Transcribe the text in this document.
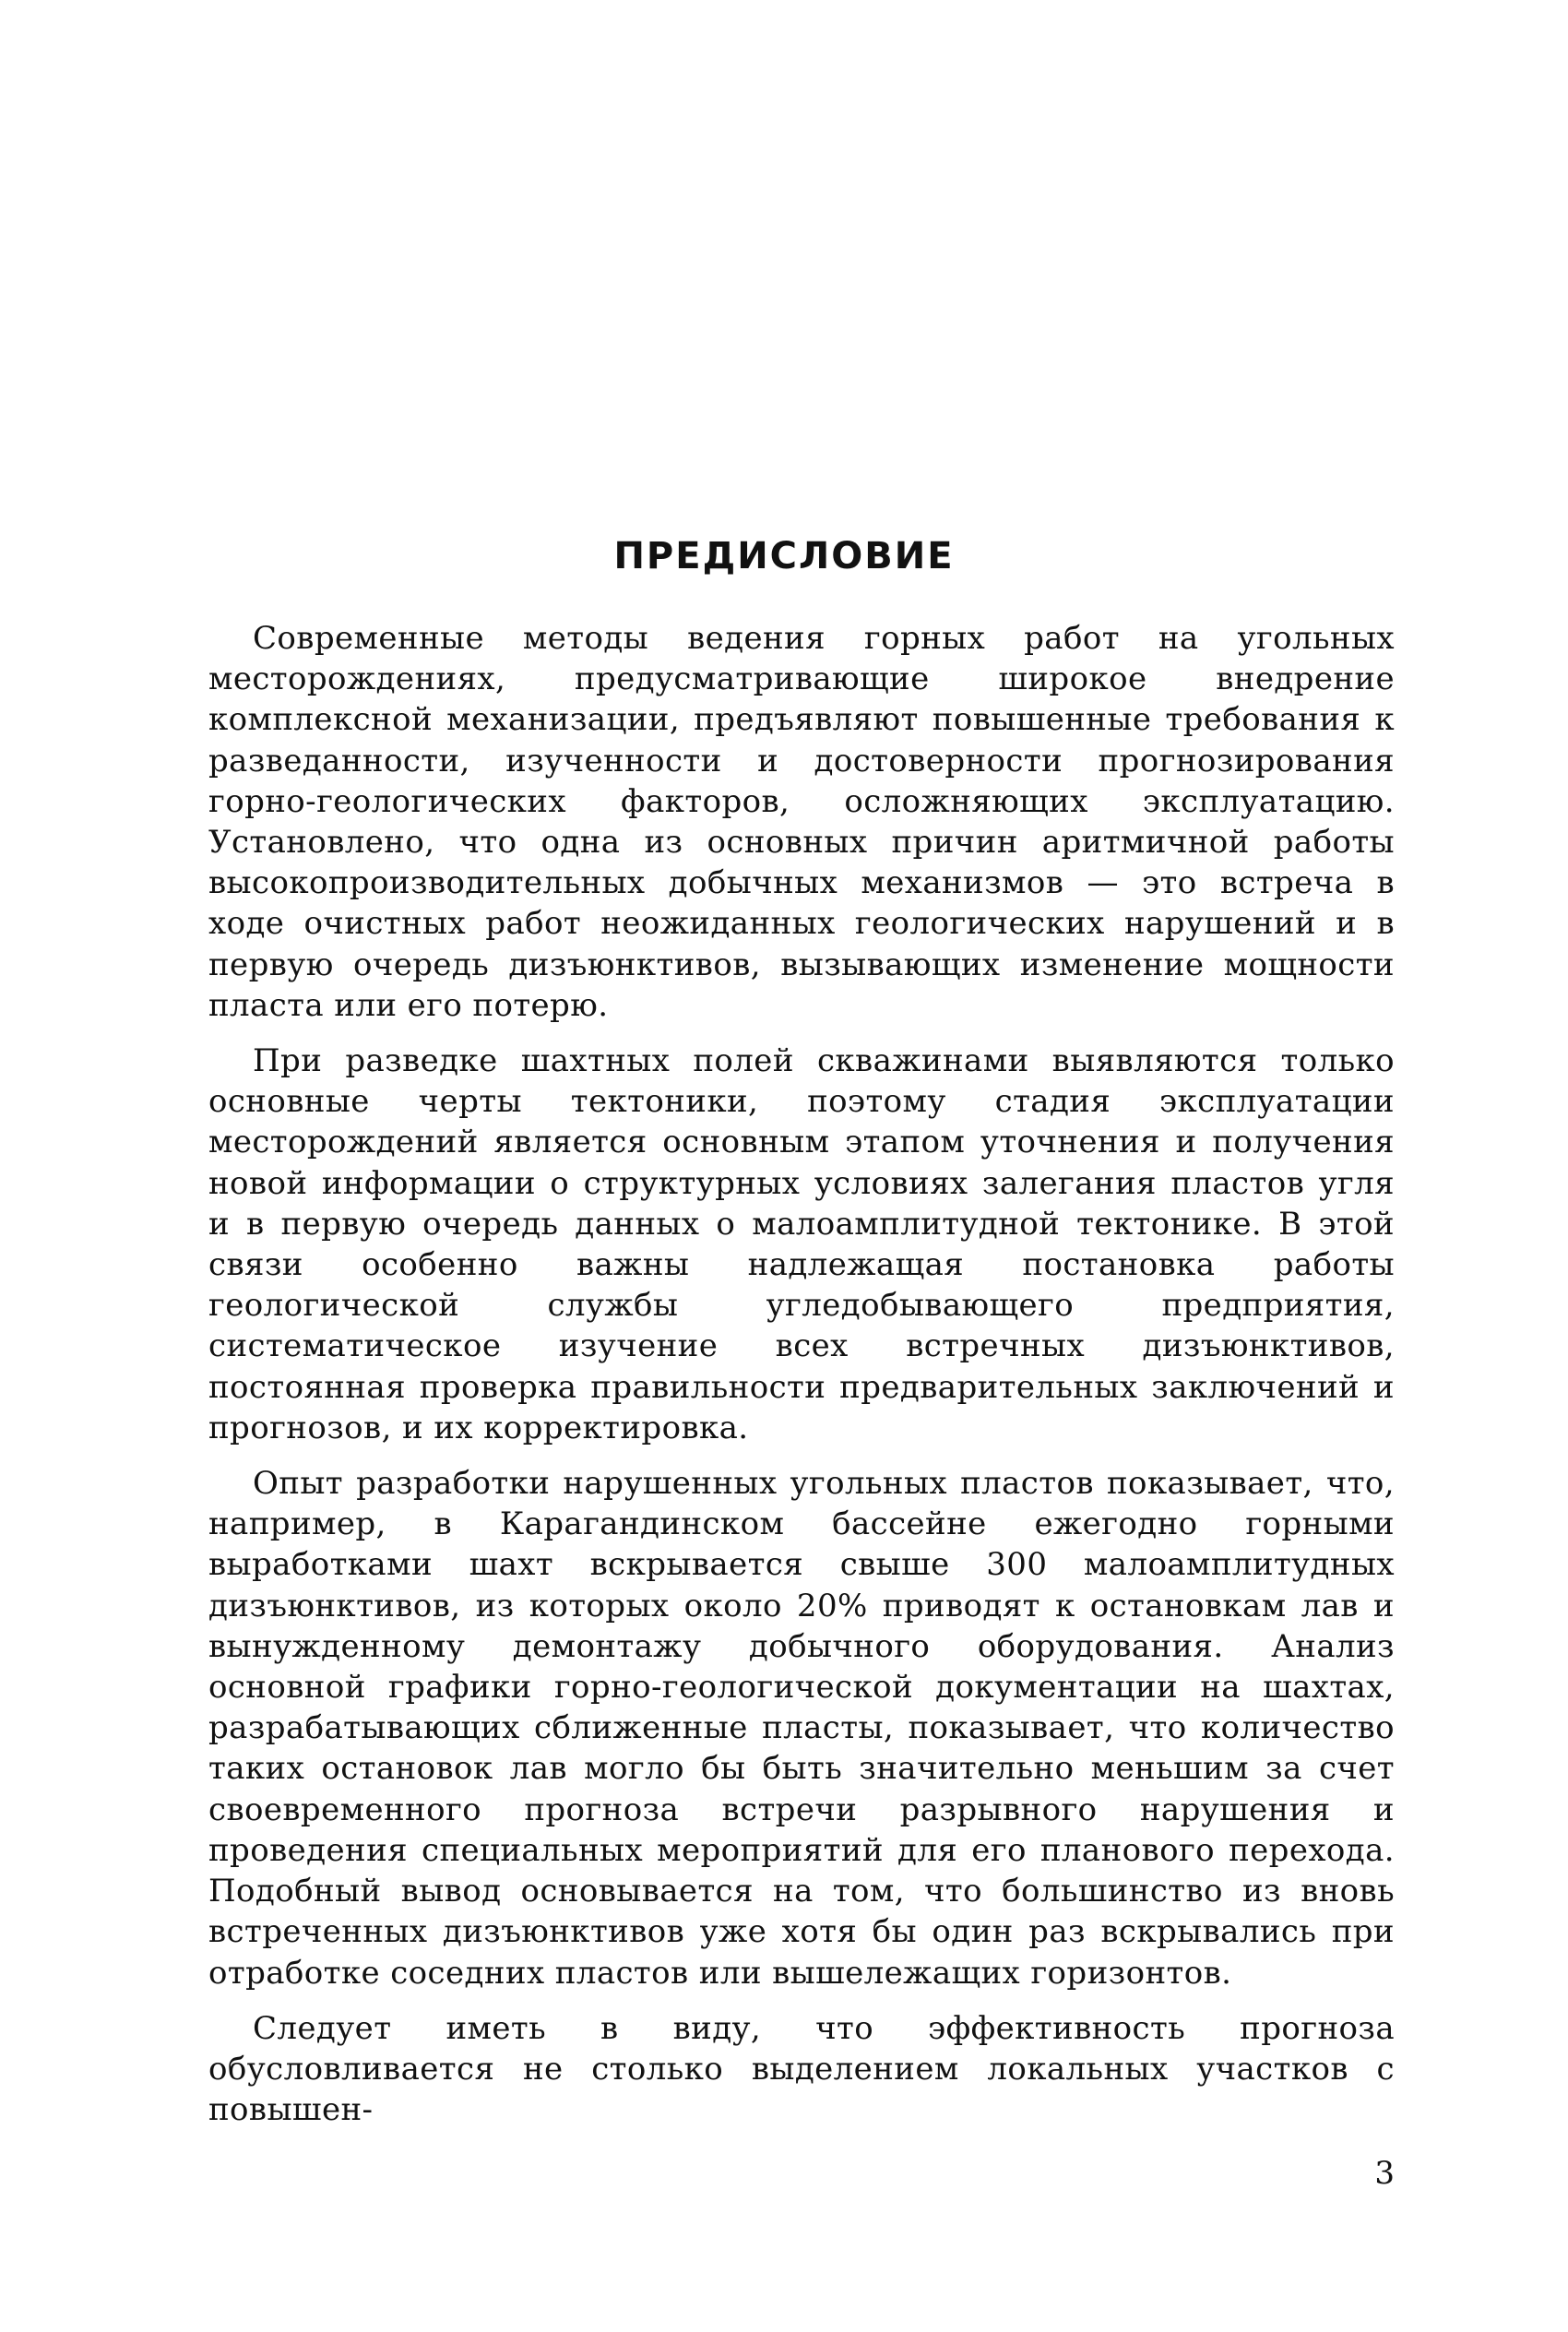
ПРЕДИСЛОВИЕ

Современные методы ведения горных работ на угольных месторождениях, предусматривающие широкое внедрение комплексной механизации, предъявляют повышенные требования к разведанности, изученности и достоверности прогнозирования горно-геологических факторов, осложняющих эксплуатацию. Установлено, что одна из основных причин аритмичной работы высокопроизводительных добычных механизмов — это встреча в ходе очистных работ неожиданных геологических нарушений и в первую очередь дизъюнктивов, вызывающих изменение мощности пласта или его потерю.

При разведке шахтных полей скважинами выявляются только основные черты тектоники, поэтому стадия эксплуатации месторождений является основным этапом уточнения и получения новой информации о структурных условиях залегания пластов угля и в первую очередь данных о малоамплитудной тектонике. В этой связи особенно важны надлежащая постановка работы геологической службы угледобывающего предприятия, систематическое изучение всех встречных дизъюнктивов, постоянная проверка правильности предварительных заключений и прогнозов, и их корректировка.

Опыт разработки нарушенных угольных пластов показывает, что, например, в Карагандинском бассейне ежегодно горными выработками шахт вскрывается свыше 300 малоамплитудных дизъюнктивов, из которых около 20% приводят к остановкам лав и вынужденному демонтажу добычного оборудования. Анализ основной графики горно-геологической документации на шахтах, разрабатывающих сближенные пласты, показывает, что количество таких остановок лав могло бы быть значительно меньшим за счет своевременного прогноза встречи разрывного нарушения и проведения специальных мероприятий для его планового перехода. Подобный вывод основывается на том, что большинство из вновь встреченных дизъюнктивов уже хотя бы один раз вскрывались при отработке соседних пластов или вышележащих горизонтов.

Следует иметь в виду, что эффективность прогноза обусловливается не столько выделением локальных участков с повышен-

3
